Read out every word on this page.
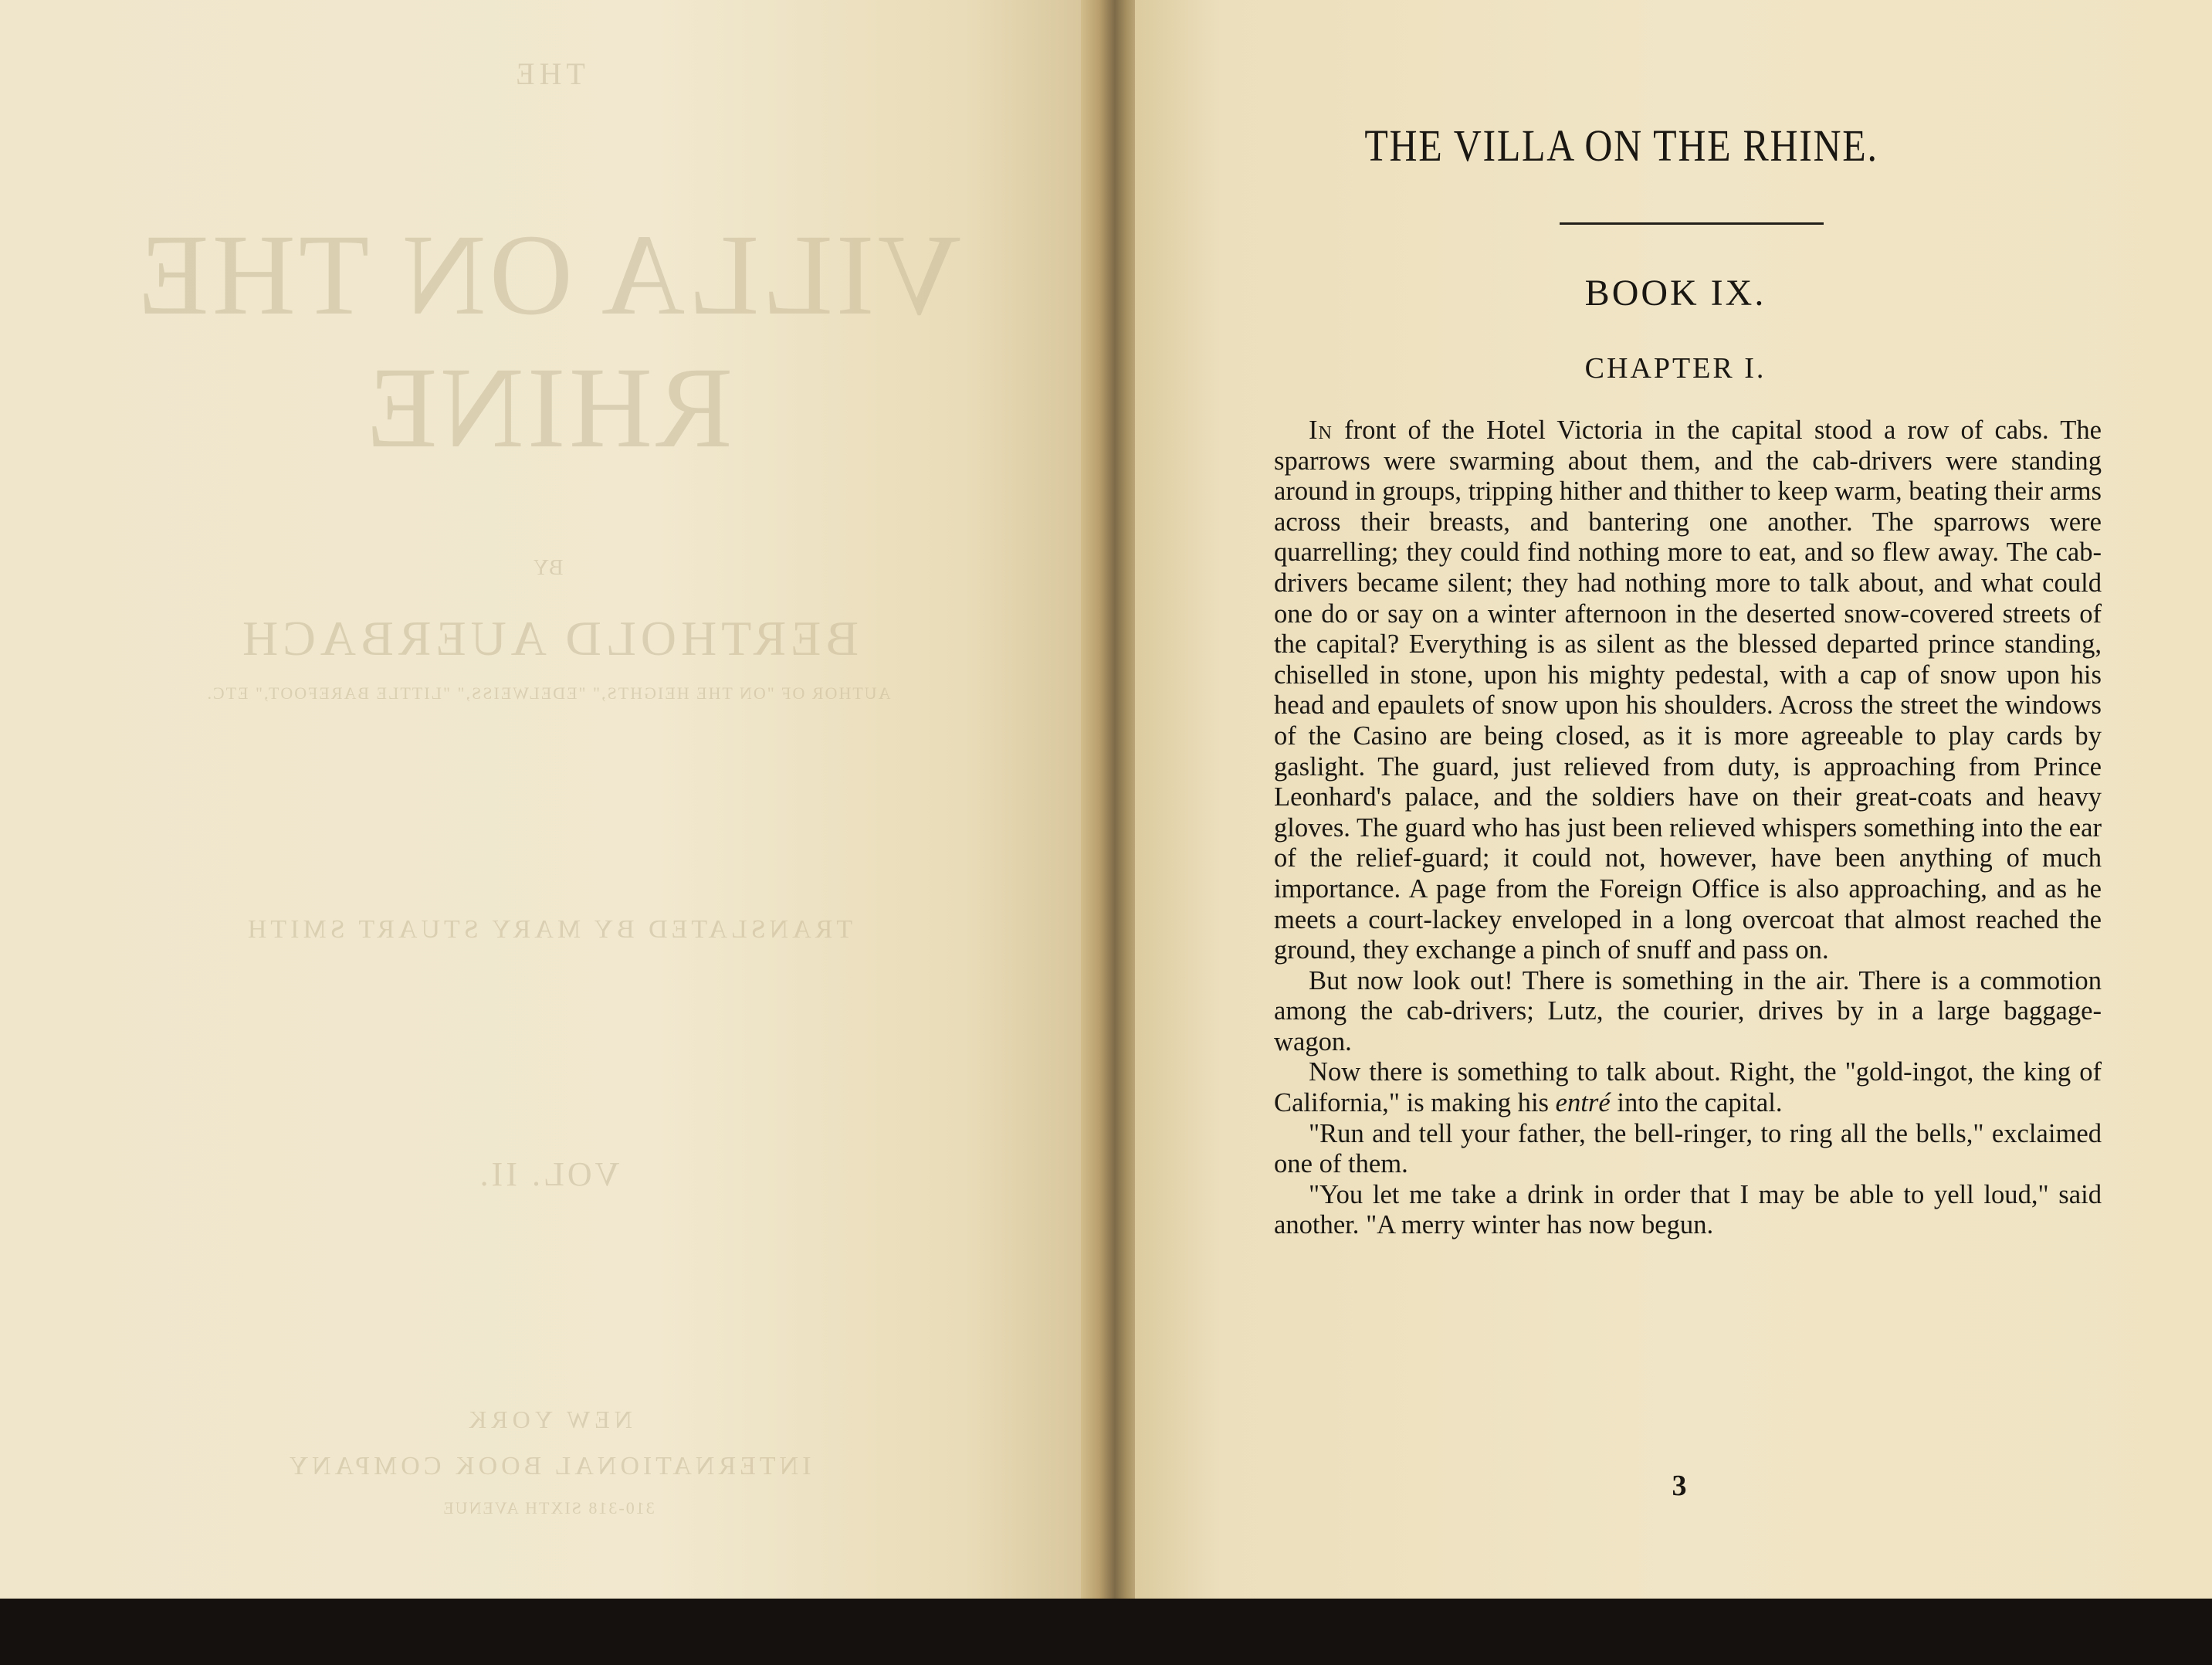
THE
VILLA ON THE RHINE
BY
BERTHOLD AUERBACH
AUTHOR OF "ON THE HEIGHTS," "EDELWEISS," "LITTLE BAREFOOT," ETC.
TRANSLATED BY MARY STUART SMITH
VOL. II.
NEW YORK
INTERNATIONAL BOOK COMPANY
310-318 SIXTH AVENUE
THE VILLA ON THE RHINE.
BOOK IX.
CHAPTER I.

In front of the Hotel Victoria in the capital stood a row of cabs. The sparrows were swarming about them, and the cab-drivers were standing around in groups, tripping hither and thither to keep warm, beating their arms across their breasts, and bantering one another. The sparrows were quarrelling; they could find nothing more to eat, and so flew away. The cab-drivers became silent; they had nothing more to talk about, and what could one do or say on a winter afternoon in the deserted snow-covered streets of the capital? Everything is as silent as the blessed departed prince standing, chiselled in stone, upon his mighty pedestal, with a cap of snow upon his head and epaulets of snow upon his shoulders. Across the street the windows of the Casino are being closed, as it is more agreeable to play cards by gaslight. The guard, just relieved from duty, is approaching from Prince Leonhard's palace, and the soldiers have on their great-coats and heavy gloves. The guard who has just been relieved whispers something into the ear of the relief-guard; it could not, however, have been anything of much importance. A page from the Foreign Office is also approaching, and as he meets a court-lackey enveloped in a long overcoat that almost reached the ground, they exchange a pinch of snuff and pass on.

But now look out! There is something in the air. There is a commotion among the cab-drivers; Lutz, the courier, drives by in a large baggage-wagon.

Now there is something to talk about. Right, the "gold-ingot, the king of California," is making his entré into the capital.

"Run and tell your father, the bell-ringer, to ring all the bells," exclaimed one of them.

"You let me take a drink in order that I may be able to yell loud," said another. "A merry winter has now begun.

3
